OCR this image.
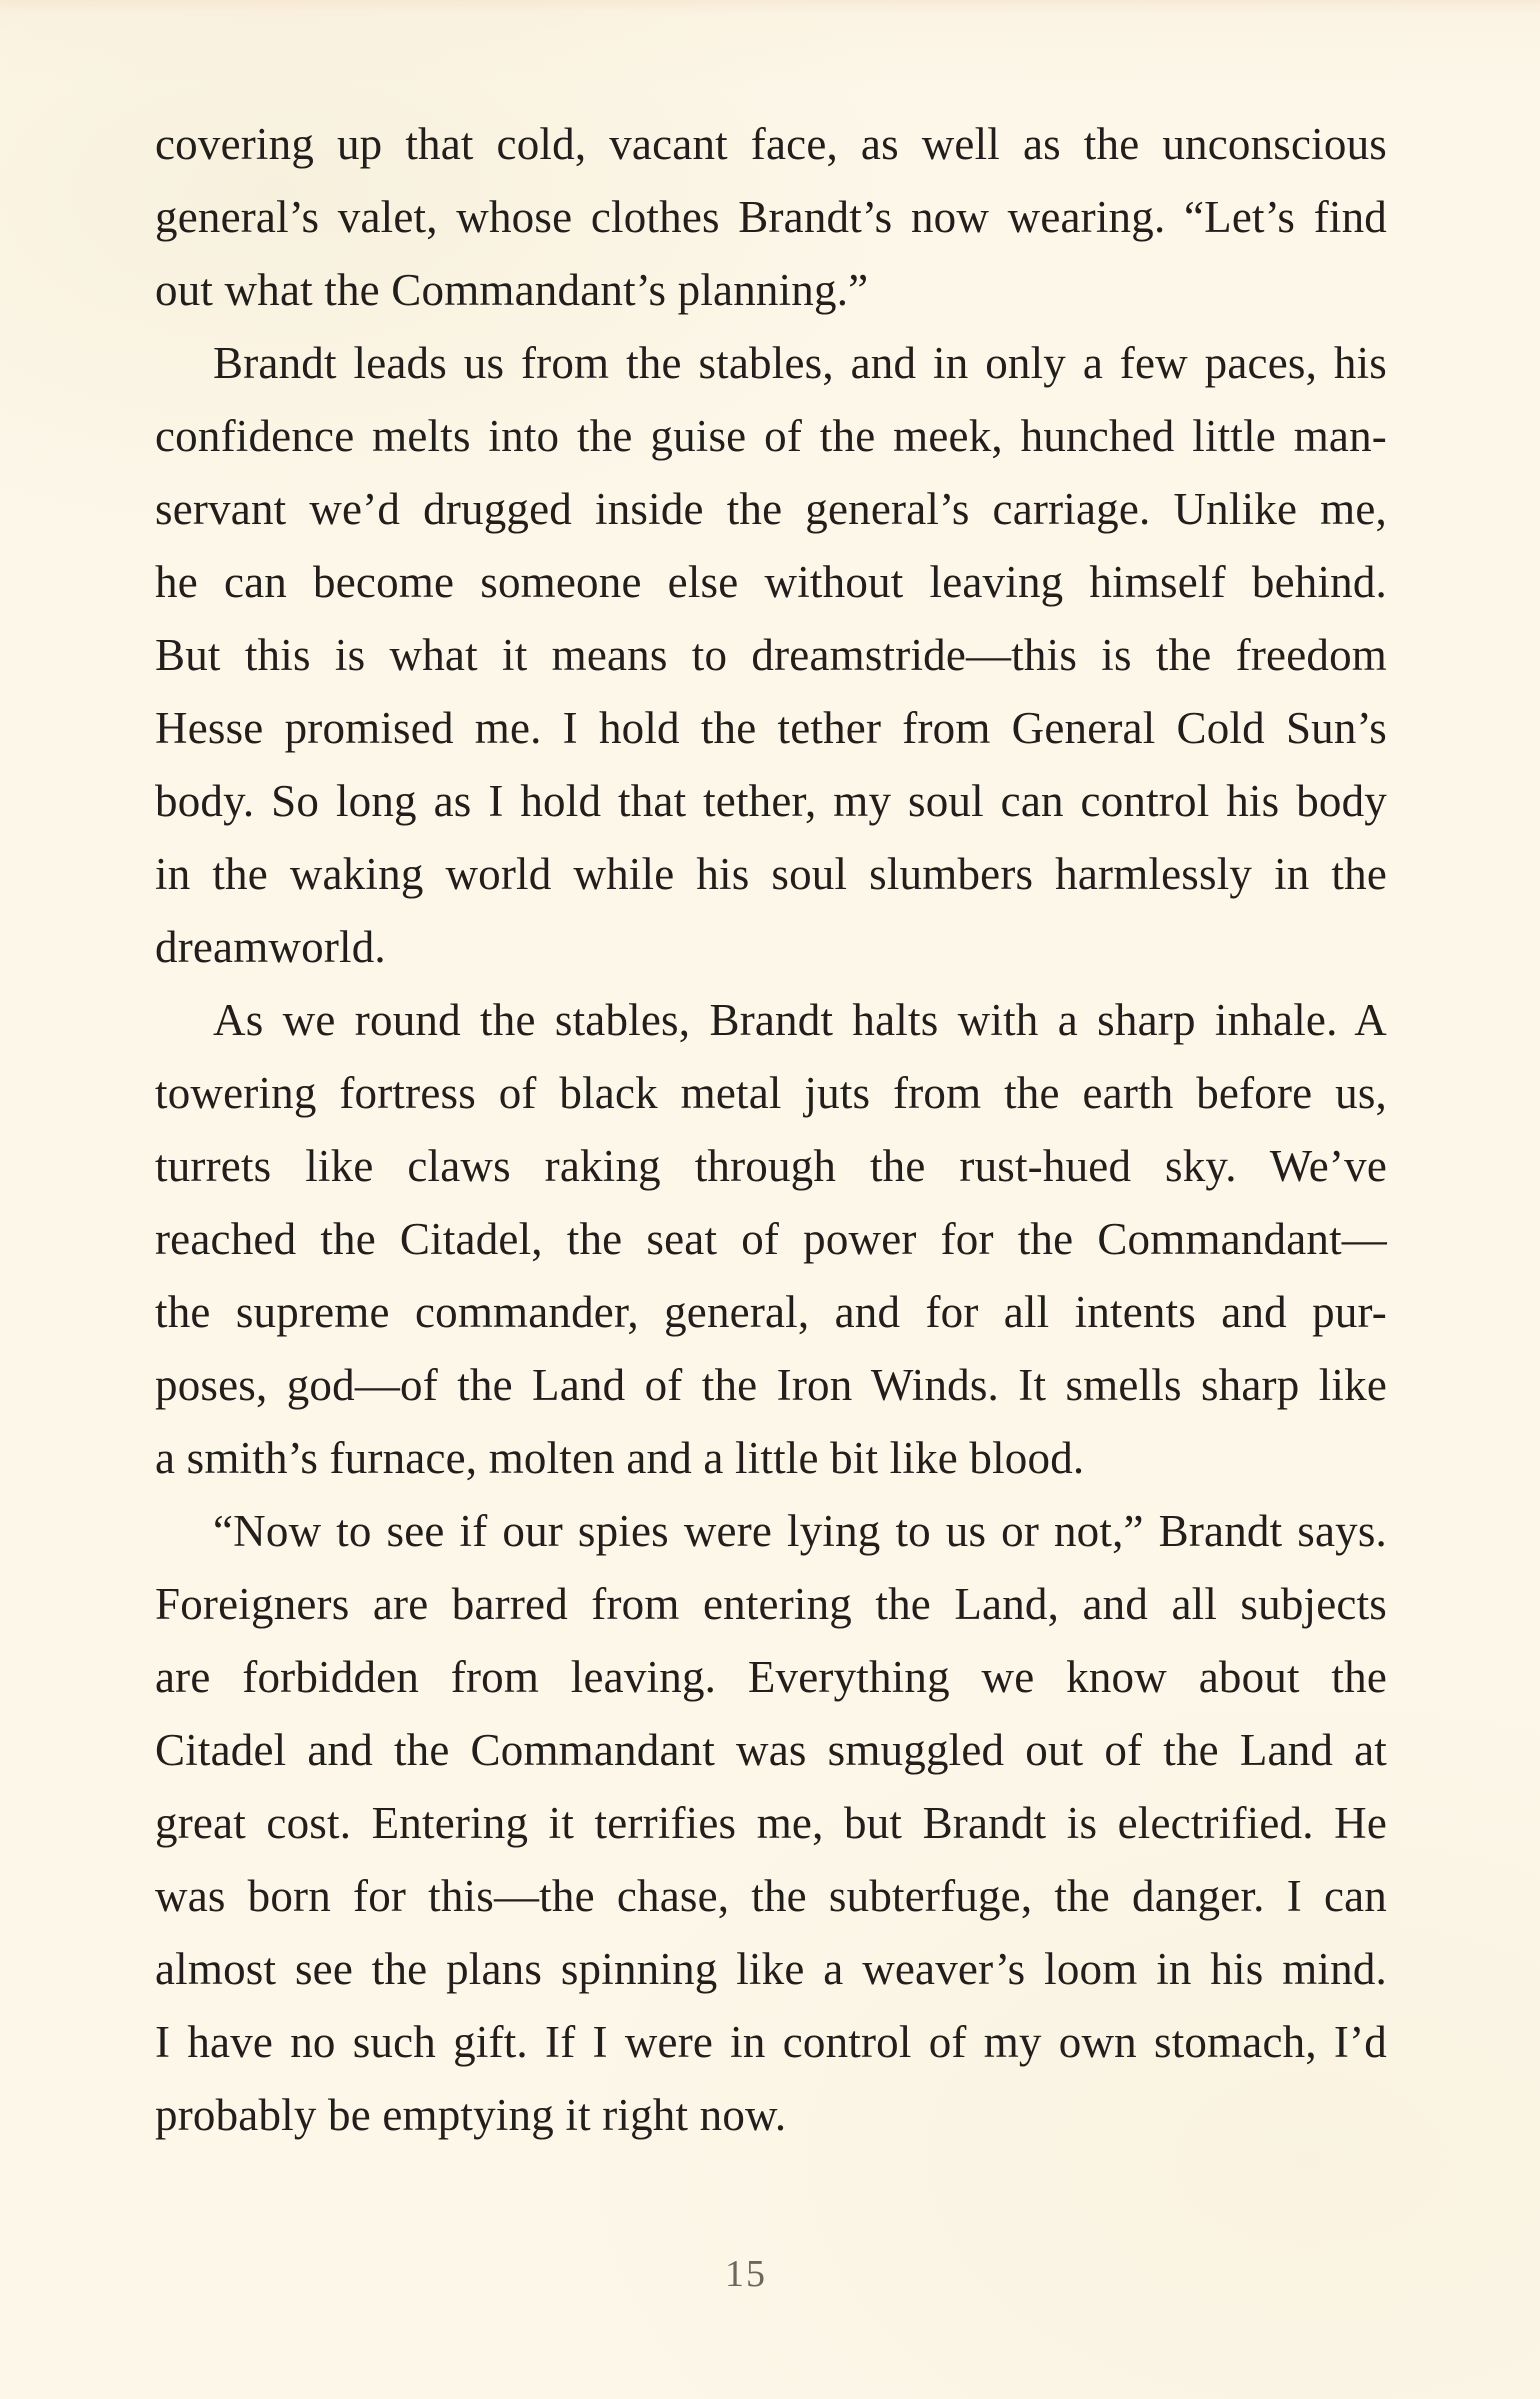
covering up that cold, vacant face, as well as the unconscious
general’s valet, whose clothes Brandt’s now wearing. “Let’s find
out what the Commandant’s planning.”
Brandt leads us from the stables, and in only a few paces, his
confidence melts into the guise of the meek, hunched little man-
servant we’d drugged inside the general’s carriage. Unlike me,
he can become someone else without leaving himself behind.
But this is what it means to dreamstride—this is the freedom
Hesse promised me. I hold the tether from General Cold Sun’s
body. So long as I hold that tether, my soul can control his body
in the waking world while his soul slumbers harmlessly in the
dreamworld.
As we round the stables, Brandt halts with a sharp inhale. A
towering fortress of black metal juts from the earth before us,
turrets like claws raking through the rust-hued sky. We’ve
reached the Citadel, the seat of power for the Commandant—
the supreme commander, general, and for all intents and pur-
poses, god—of the Land of the Iron Winds. It smells sharp like
a smith’s furnace, molten and a little bit like blood.
“Now to see if our spies were lying to us or not,” Brandt says.
Foreigners are barred from entering the Land, and all subjects
are forbidden from leaving. Everything we know about the
Citadel and the Commandant was smuggled out of the Land at
great cost. Entering it terrifies me, but Brandt is electrified. He
was born for this—the chase, the subterfuge, the danger. I can
almost see the plans spinning like a weaver’s loom in his mind.
I have no such gift. If I were in control of my own stomach, I’d
probably be emptying it right now.
15
